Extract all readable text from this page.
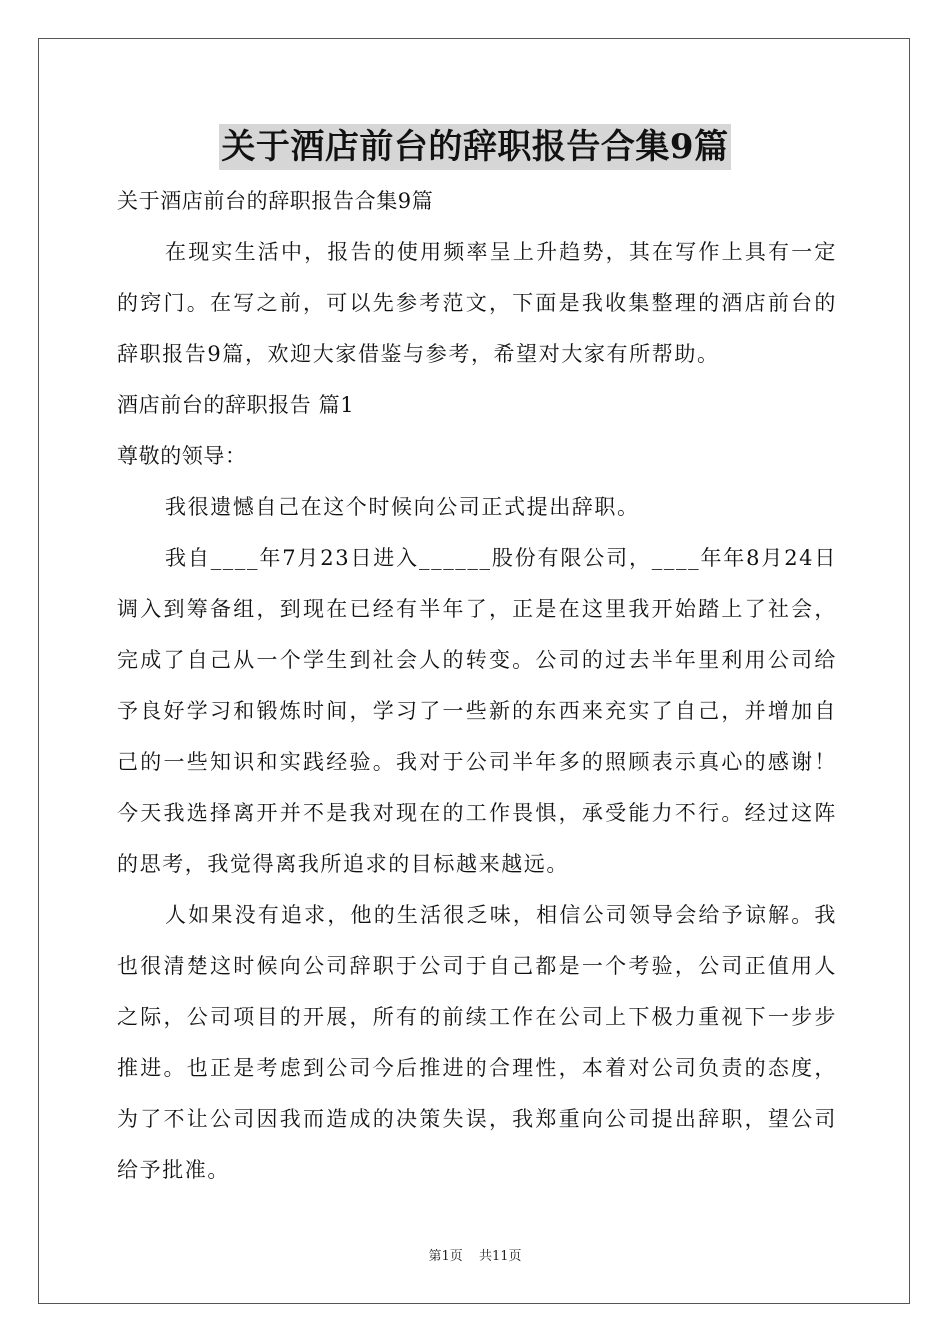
关于酒店前台的辞职报告合集9篇
关于酒店前台的辞职报告合集9篇

在现实生活中，报告的使用频率呈上升趋势，其在写作上具有一定的窍门。在写之前，可以先参考范文，下面是我收集整理的酒店前台的辞职报告9篇，欢迎大家借鉴与参考，希望对大家有所帮助。

酒店前台的辞职报告 篇1
尊敬的领导：

我很遗憾自己在这个时候向公司正式提出辞职。

我自____年7月23日进入______股份有限公司，____年年8月24日调入到筹备组，到现在已经有半年了，正是在这里我开始踏上了社会，完成了自己从一个学生到社会人的转变。公司的过去半年里利用公司给予良好学习和锻炼时间，学习了一些新的东西来充实了自己，并增加自己的一些知识和实践经验。我对于公司半年多的照顾表示真心的感谢！今天我选择离开并不是我对现在的工作畏惧，承受能力不行。经过这阵的思考，我觉得离我所追求的目标越来越远。

人如果没有追求，他的生活很乏味，相信公司领导会给予谅解。我也很清楚这时候向公司辞职于公司于自己都是一个考验，公司正值用人之际，公司项目的开展，所有的前续工作在公司上下极力重视下一步步推进。也正是考虑到公司今后推进的合理性，本着对公司负责的态度，为了不让公司因我而造成的决策失误，我郑重向公司提出辞职，望公司给予批准。

第1页 共11页
